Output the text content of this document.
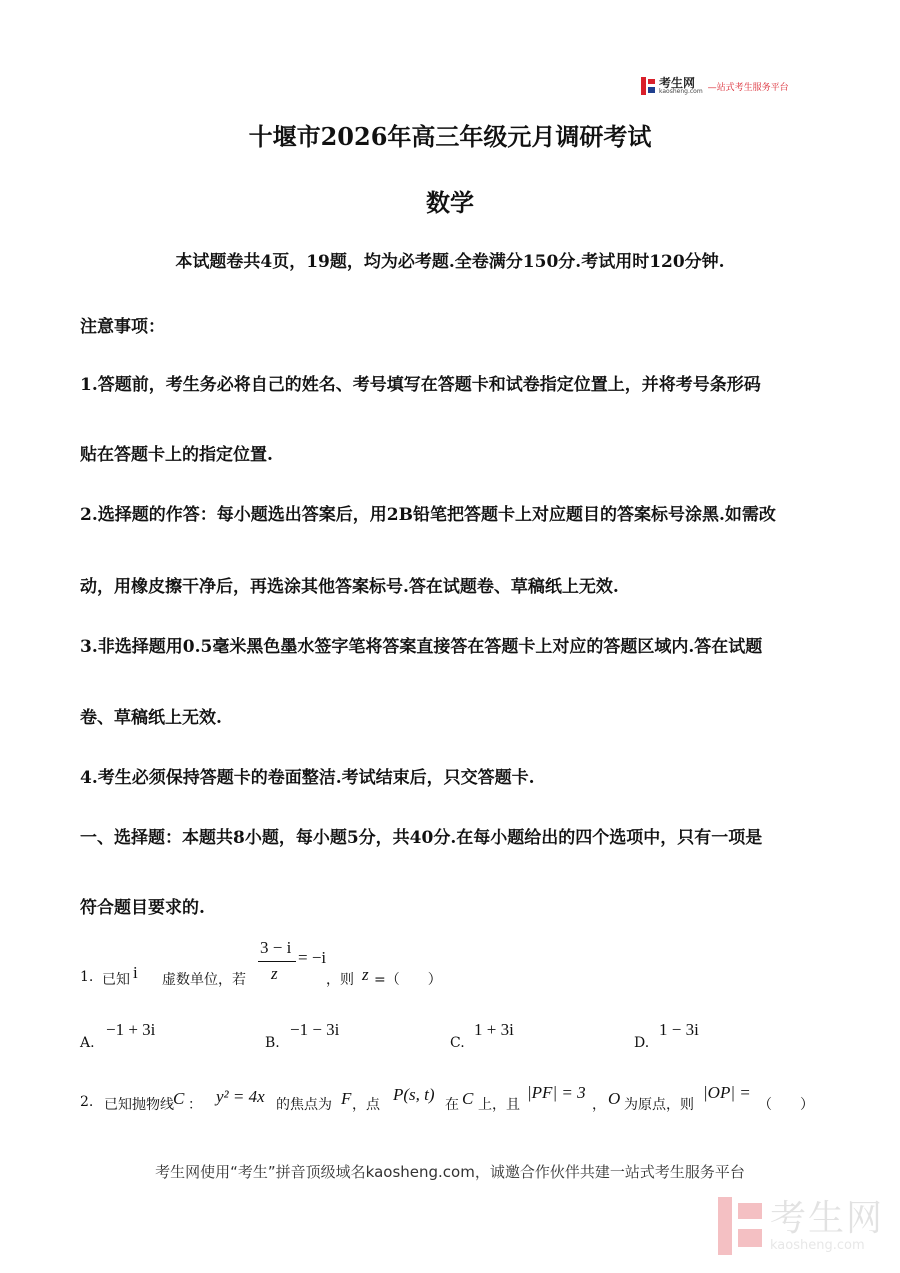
考生网
kaosheng.com —站式考生服务平台
十堰市2026年高三年级元月调研考试
数学
本试题卷共4页，19题，均为必考题.全卷满分150分.考试用时120分钟.
注意事项：
1.答题前，考生务必将自己的姓名、考号填写在答题卡和试卷指定位置上，并将考号条形码
贴在答题卡上的指定位置.
2.选择题的作答：每小题选出答案后，用2B铅笔把答题卡上对应题目的答案标号涂黑.如需改
动，用橡皮擦干净后，再选涂其他答案标号.答在试题卷、草稿纸上无效.
3.非选择题用0.5毫米黑色墨水签字笔将答案直接答在答题卡上对应的答题区域内.答在试题
卷、草稿纸上无效.
4.考生必须保持答题卡的卷面整洁.考试结束后，只交答题卡.
一、选择题：本题共8小题，每小题5分，共40分.在每小题给出的四个选项中，只有一项是
符合题目要求的.
1. 已知 i 虚数单位，若
3 − i
z
= −i
，则 z =（　　）
A.
−1 + 3i
B.
−1 − 3i
C.
1 + 3i
D.
1 − 3i
2. 已知抛物线 C ： y² = 4x 的焦点为 F ，点
P(s, t)
在 C 上，且
|PF| = 3
， O 为原点，则
|OP| =
（　　）
考生网使用“考生”拼音顶级域名kaosheng.com，诚邀合作伙伴共建一站式考生服务平台
考生网
kaosheng.com
